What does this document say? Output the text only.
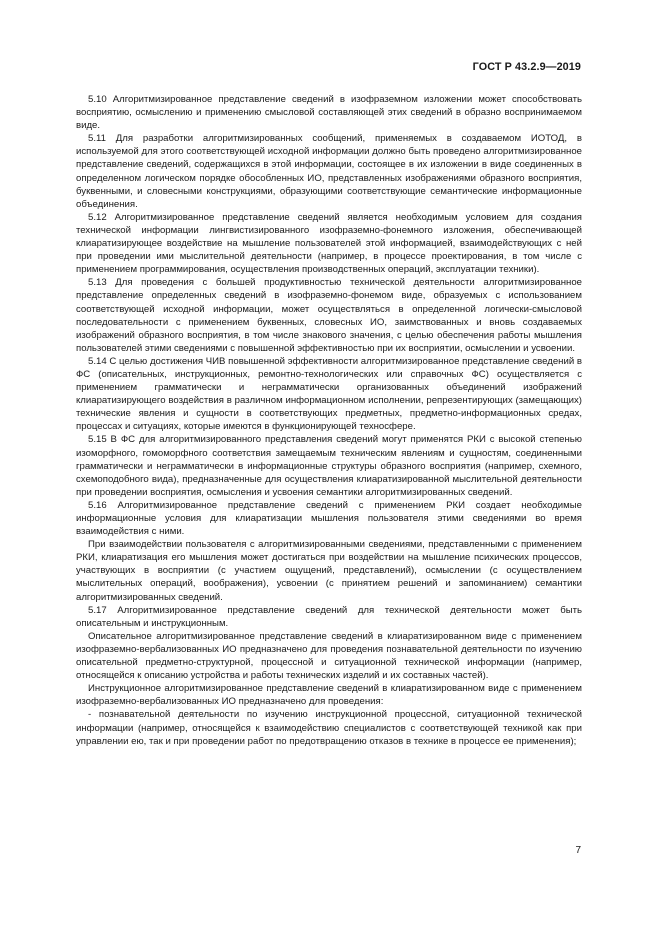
ГОСТ Р 43.2.9—2019

5.10 Алгоритмизированное представление сведений в изофраземном изложении может способствовать восприятию, осмыслению и применению смысловой составляющей этих сведений в образно воспринимаемом виде.

5.11 Для разработки алгоритмизированных сообщений, применяемых в создаваемом ИОТОД, в используемой для этого соответствующей исходной информации должно быть проведено алгоритмизированное представление сведений, содержащихся в этой информации, состоящее в их изложении в виде соединенных в определенном логическом порядке обособленных ИО, представленных изображениями образного восприятия, буквенными, и словесными конструкциями, образующими соответствующие семантические информационные объединения.

5.12 Алгоритмизированное представление сведений является необходимым условием для создания технической информации лингвистизированного изофраземно-фонемного изложения, обеспечивающей клиаратизирующее воздействие на мышление пользователей этой информацией, взаимодействующих с ней при проведении ими мыслительной деятельности (например, в процессе проектирования, в том числе с применением программирования, осуществления производственных операций, эксплуатации техники).

5.13 Для проведения с большей продуктивностью технической деятельности алгоритмизированное представление определенных сведений в изофраземно-фонемом виде, образуемых с использованием соответствующей исходной информации, может осуществляться в определенной логически-смысловой последовательности с применением буквенных, словесных ИО, заимствованных и вновь создаваемых изображений образного восприятия, в том числе знакового значения, с целью обеспечения работы мышления пользователей этими сведениями с повышенной эффективностью при их восприятии, осмыслении и усвоении.

5.14 С целью достижения ЧИВ повышенной эффективности алгоритмизированное представление сведений в ФС (описательных, инструкционных, ремонтно-технологических или справочных ФС) осуществляется с применением грамматически и неграмматически организованных объединений изображений клиаратизирующего воздействия в различном информационном исполнении, репрезентирующих (замещающих) технические явления и сущности в соответствующих предметных, предметно-информационных средах, процессах и ситуациях, которые имеются в функционирующей техносфере.

5.15 В ФС для алгоритмизированного представления сведений могут применятся РКИ с высокой степенью изоморфного, гомоморфного соответствия замещаемым техническим явлениям и сущностям, соединенными грамматически и неграмматически в информационные структуры образного восприятия (например, схемного, схемоподобного вида), предназначенные для осуществления клиаратизированной мыслительной деятельности при проведении восприятия, осмысления и усвоения семантики алгоритмизированных сведений.

5.16 Алгоритмизированное представление сведений с применением РКИ создает необходимые информационные условия для клиаратизации мышления пользователя этими сведениями во время взаимодействия с ними.

При взаимодействии пользователя с алгоритмизированными сведениями, представленными с применением РКИ, клиаратизация его мышления может достигаться при воздействии на мышление психических процессов, участвующих в восприятии (с участием ощущений, представлений), осмыслении (с осуществлением мыслительных операций, воображения), усвоении (с принятием решений и запоминанием) семантики алгоритмизированных сведений.

5.17 Алгоритмизированное представление сведений для технической деятельности может быть описательным и инструкционным.

Описательное алгоритмизированное представление сведений в клиаратизированном виде с применением изофраземно-вербализованных ИО предназначено для проведения познавательной деятельности по изучению описательной предметно-структурной, процессной и ситуационной технической информации (например, относящейся к описанию устройства и работы технических изделий и их составных частей).

Инструкционное алгоритмизированное представление сведений в клиаратизированном виде с применением изофраземно-вербализованных ИО предназначено для проведения:

- познавательной деятельности по изучению инструкционной процессной, ситуационной технической информации (например, относящейся к взаимодействию специалистов с соответствующей техникой как при управлении ею, так и при проведении работ по предотвращению отказов в технике в процессе ее применения);

7
